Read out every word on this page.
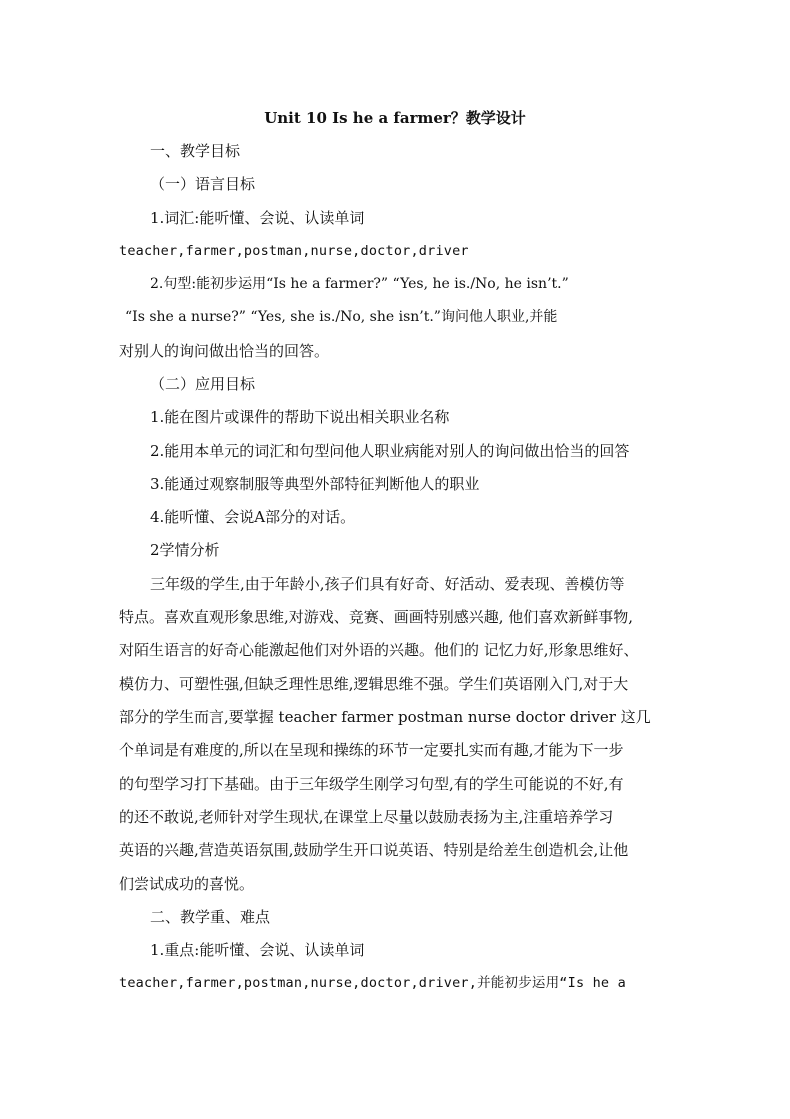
Unit 10 Is he a farmer？教学设计
一、教学目标
（一）语言目标
1.词汇:能听懂、会说、认读单词
teacher,farmer,postman,nurse,doctor,driver
2.句型:能初步运用“Is he a farmer?” “Yes, he is./No, he isn’t.”
“Is she a nurse?” “Yes, she is./No, she isn’t.”询问他人职业,并能
对别人的询问做出恰当的回答。
（二）应用目标
1.能在图片或课件的帮助下说出相关职业名称
2.能用本单元的词汇和句型问他人职业病能对别人的询问做出恰当的回答
3.能通过观察制服等典型外部特征判断他人的职业
4.能听懂、会说A部分的对话。
2学情分析
三年级的学生,由于年龄小,孩子们具有好奇、好活动、爱表现、善模仿等
特点。喜欢直观形象思维,对游戏、竞赛、画画特别感兴趣, 他们喜欢新鲜事物,
对陌生语言的好奇心能激起他们对外语的兴趣。他们的 记忆力好,形象思维好、
模仿力、可塑性强,但缺乏理性思维,逻辑思维不强。学生们英语刚入门,对于大
部分的学生而言,要掌握 teacher farmer postman nurse doctor driver 这几
个单词是有难度的,所以在呈现和操练的环节一定要扎实而有趣,才能为下一步
的句型学习打下基础。由于三年级学生刚学习句型,有的学生可能说的不好,有
的还不敢说,老师针对学生现状,在课堂上尽量以鼓励表扬为主,注重培养学习
英语的兴趣,营造英语氛围,鼓励学生开口说英语、特别是给差生创造机会,让他
们尝试成功的喜悦。
二、教学重、难点
1.重点:能听懂、会说、认读单词
teacher,farmer,postman,nurse,doctor,driver,并能初步运用“Is he a
